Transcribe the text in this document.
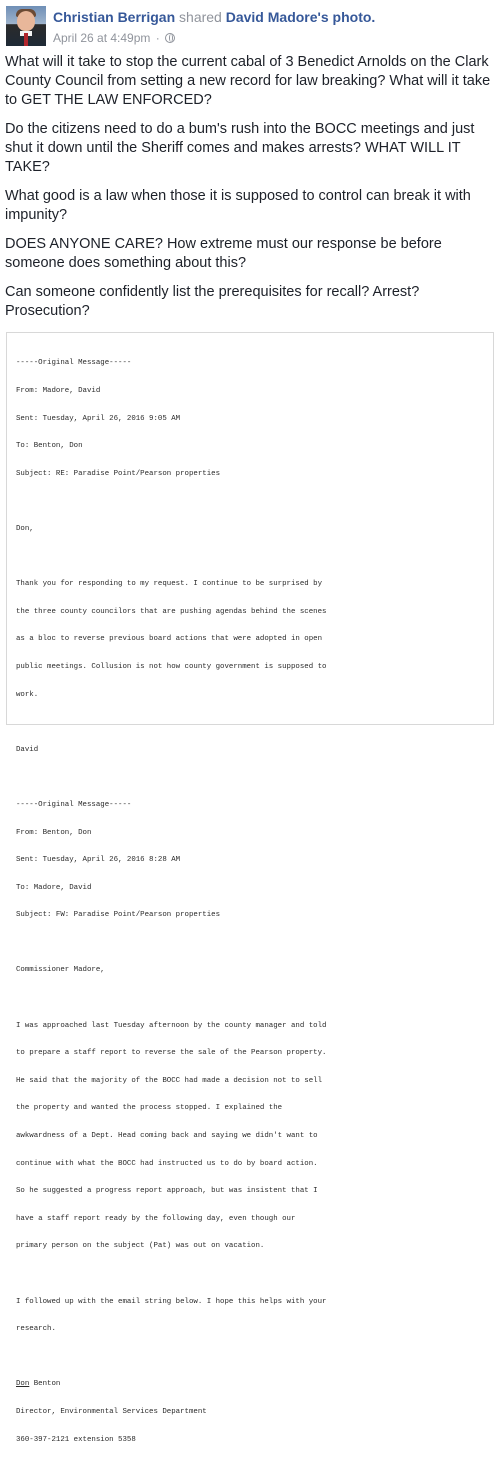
Christian Berrigan shared David Madore's photo.
April 26 at 4:49pm ·

What will it take to stop the current cabal of 3 Benedict Arnolds on the Clark County Council from setting a new record for law breaking? What will it take to GET THE LAW ENFORCED?

Do the citizens need to do a bum's rush into the BOCC meetings and just shut it down until the Sheriff comes and makes arrests? WHAT WILL IT TAKE?

What good is a law when those it is supposed to control can break it with impunity?

DOES ANYONE CARE? How extreme must our response be before someone does something about this?

Can someone confidently list the prerequisites for recall? Arrest? Prosecution?

-----Original Message-----

From: Madore, David

Sent: Tuesday, April 26, 2016 9:05 AM

To: Benton, Don

Subject: RE: Paradise Point/Pearson properties

Don,

Thank you for responding to my request. I continue to be surprised by

the three county councilors that are pushing agendas behind the scenes

as a bloc to reverse previous board actions that were adopted in open

public meetings. Collusion is not how county government is supposed to

work.

David

-----Original Message-----

From: Benton, Don

Sent: Tuesday, April 26, 2016 8:28 AM

To: Madore, David

Subject: FW: Paradise Point/Pearson properties

Commissioner Madore,

I was approached last Tuesday afternoon by the county manager and told

to prepare a staff report to reverse the sale of the Pearson property.

He said that the majority of the BOCC had made a decision not to sell

the property and wanted the process stopped. I explained the

awkwardness of a Dept. Head coming back and saying we didn't want to

continue with what the BOCC had instructed us to do by board action.

So he suggested a progress report approach, but was insistent that I

have a staff report ready by the following day, even though our

primary person on the subject (Pat) was out on vacation.

I followed up with the email string below. I hope this helps with your

research.

Don Benton

Director, Environmental Services Department

360-397-2121 extension 5358
